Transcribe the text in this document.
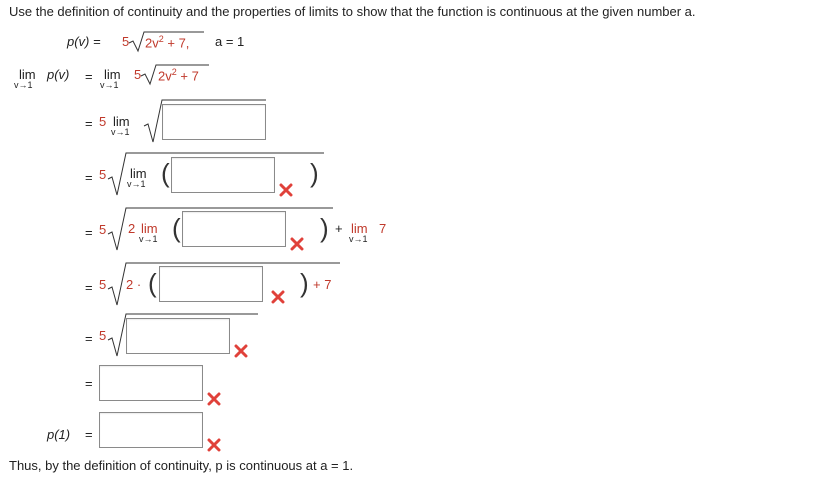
Use the definition of continuity and the properties of limits to show that the function is continuous at the given number a.
p(v) = 5 $2v^2 + 7$, a = 1
lim
v→1
p(v) = lim
v→1
5 $2v^2 + 7$
= 5 lim
v→1
= 5 lim
v→1 (	)
= 5 2 lim
v→1 (	) + lim
v→1
7
= 5 2 · (	) + 7
= 5
=
p(1) =
Thus, by the definition of continuity, p is continuous at a = 1.
